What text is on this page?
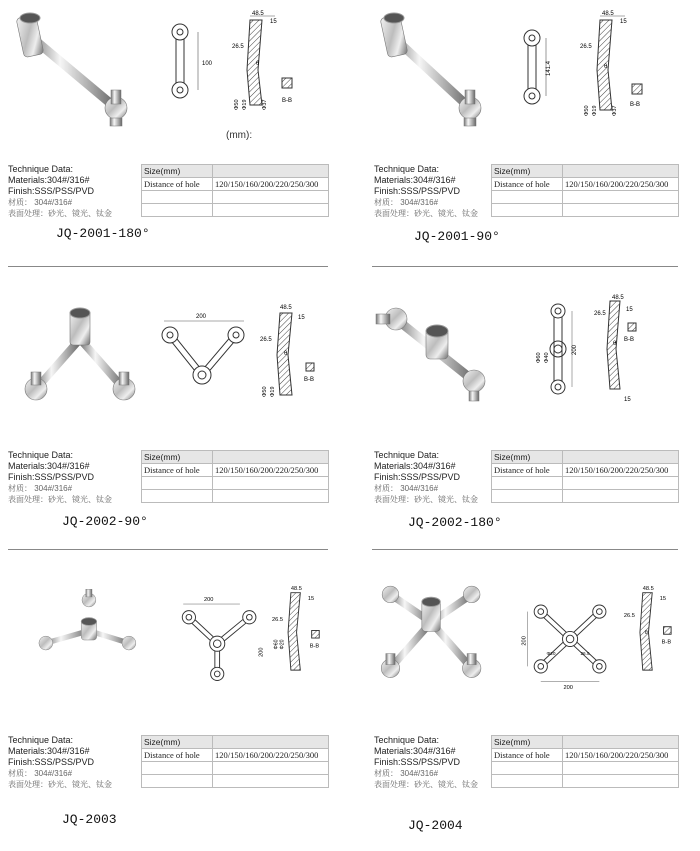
100
48.5
15
26.5
θ
Φ50 Φ19	Φ37 B-B
(mm):
Technique Data:
Materials:304#/316#
Finish:SSS/PSS/PVD
材质： 304#/316#
表面处理：砂光、镜光、钛金
Size(mm)	
Distance of hole	120/150/160/200/220/250/300

JQ-2001-180°
141.4
48.5
15
26.5
θ
Φ50 Φ19	Φ37
B-B
Technique Data:
Materials:304#/316#
Finish:SSS/PSS/PVD
材质： 304#/316#
表面处理：砂光、镜光、钛金
Size(mm)	
Distance of hole	120/150/160/200/220/250/300

JQ-2001-90°
200
48.5
15
26.5
θ
Φ50 Φ19
B-B
Technique Data:
Materials:304#/316#
Finish:SSS/PSS/PVD
材质： 304#/316#
表面处理：砂光、镜光、钛金
Size(mm)	
Distance of hole	120/150/160/200/220/250/300

JQ-2002-90°
200
Φ60 Φ40
48.5
15
26.5
θ
15
B-B
Technique Data:
Materials:304#/316#
Finish:SSS/PSS/PVD
材质： 304#/316#
表面处理：砂光、镜光、钛金
Size(mm)	
Distance of hole	120/150/160/200/220/250/300

JQ-2002-180°
200
200
48.5
15
26.5
Φ60 Φ20	B-B
Technique Data:
Materials:304#/316#
Finish:SSS/PSS/PVD
材质： 304#/316#
表面处理：砂光、镜光、钛金
Size(mm)	
Distance of hole	120/150/160/200/220/250/300

JQ-2003
200
200
Φ20	26.5
48.5
15
26.5
θ
B-B
Technique Data:
Materials:304#/316#
Finish:SSS/PSS/PVD
材质： 304#/316#
表面处理：砂光、镜光、钛金
Size(mm)	
Distance of hole	120/150/160/200/220/250/300

JQ-2004
